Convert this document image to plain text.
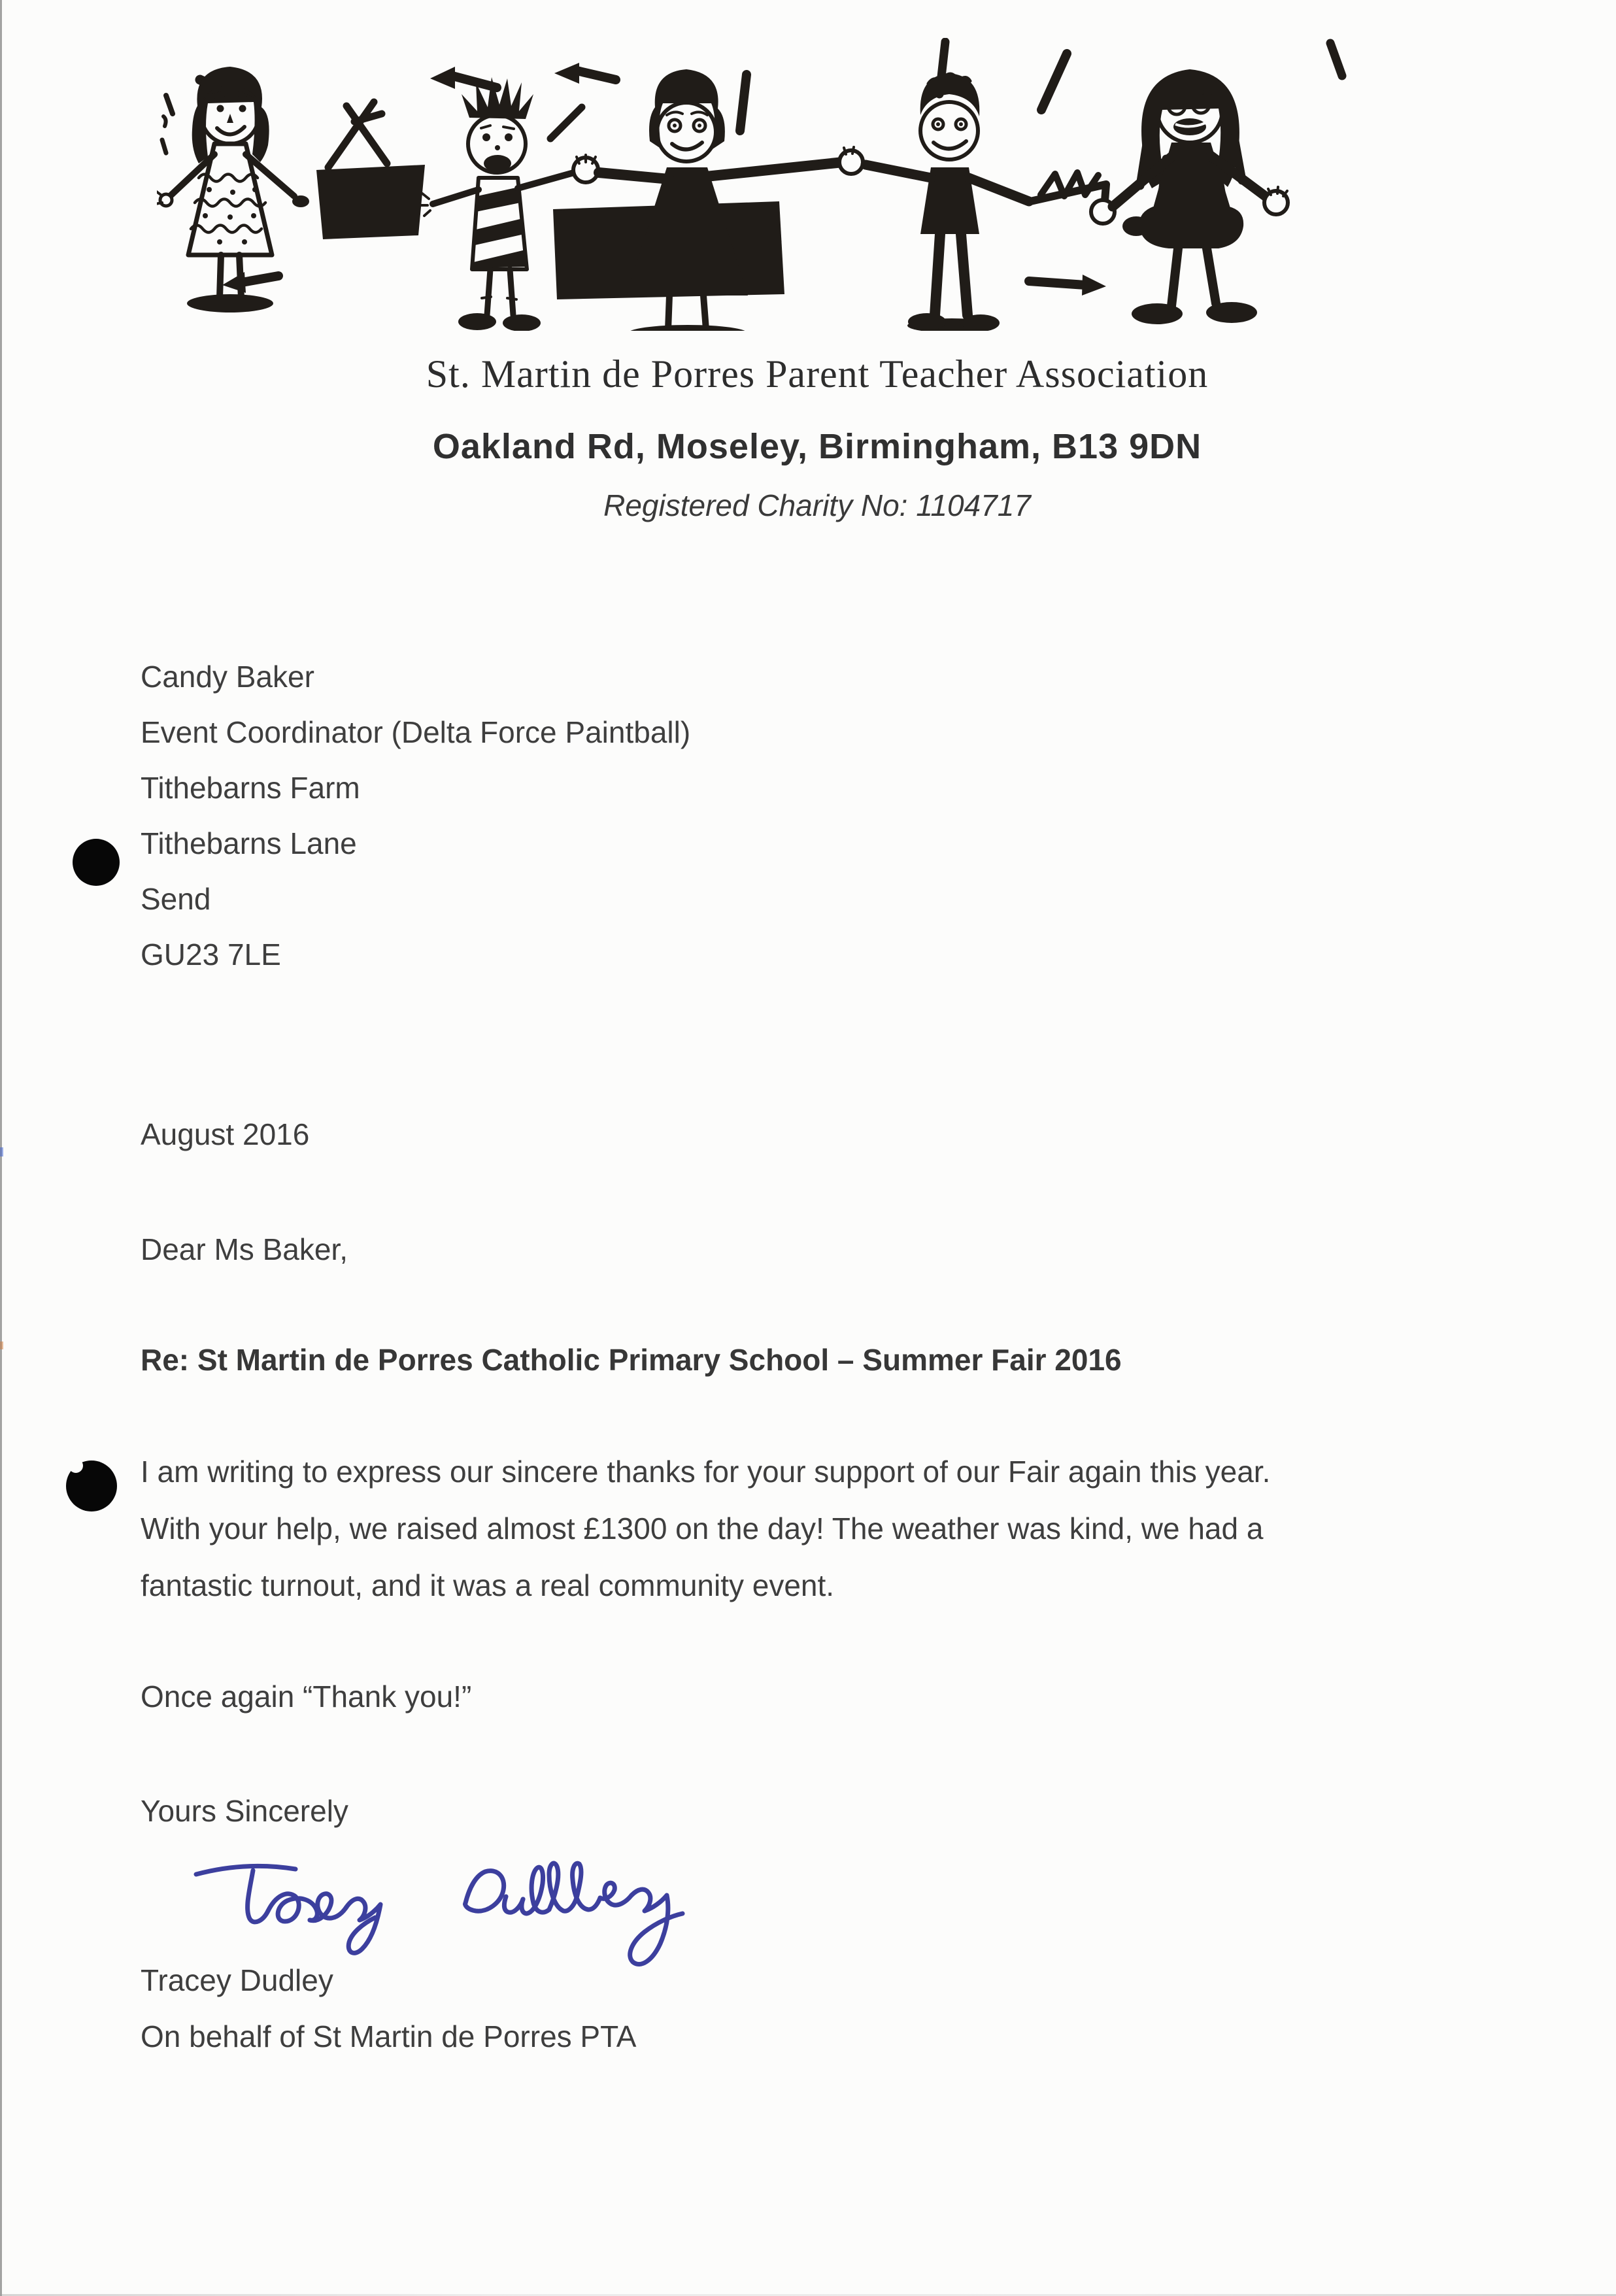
St. Martin de Porres Parent Teacher Association
Oakland Rd, Moseley, Birmingham, B13 9DN
Registered Charity No: 1104717
Candy Baker
Event Coordinator (Delta Force Paintball)
Tithebarns Farm
Tithebarns Lane
Send
GU23 7LE
August 2016
Dear Ms Baker,
Re: St Martin de Porres Catholic Primary School – Summer Fair 2016
I am writing to express our sincere thanks for your support of our Fair again this year.
With your help, we raised almost £1300 on the day! The weather was kind, we had a
fantastic turnout, and it was a real community event.
Once again “Thank you!”
Yours Sincerely
Tracey Dudley
On behalf of St Martin de Porres PTA
